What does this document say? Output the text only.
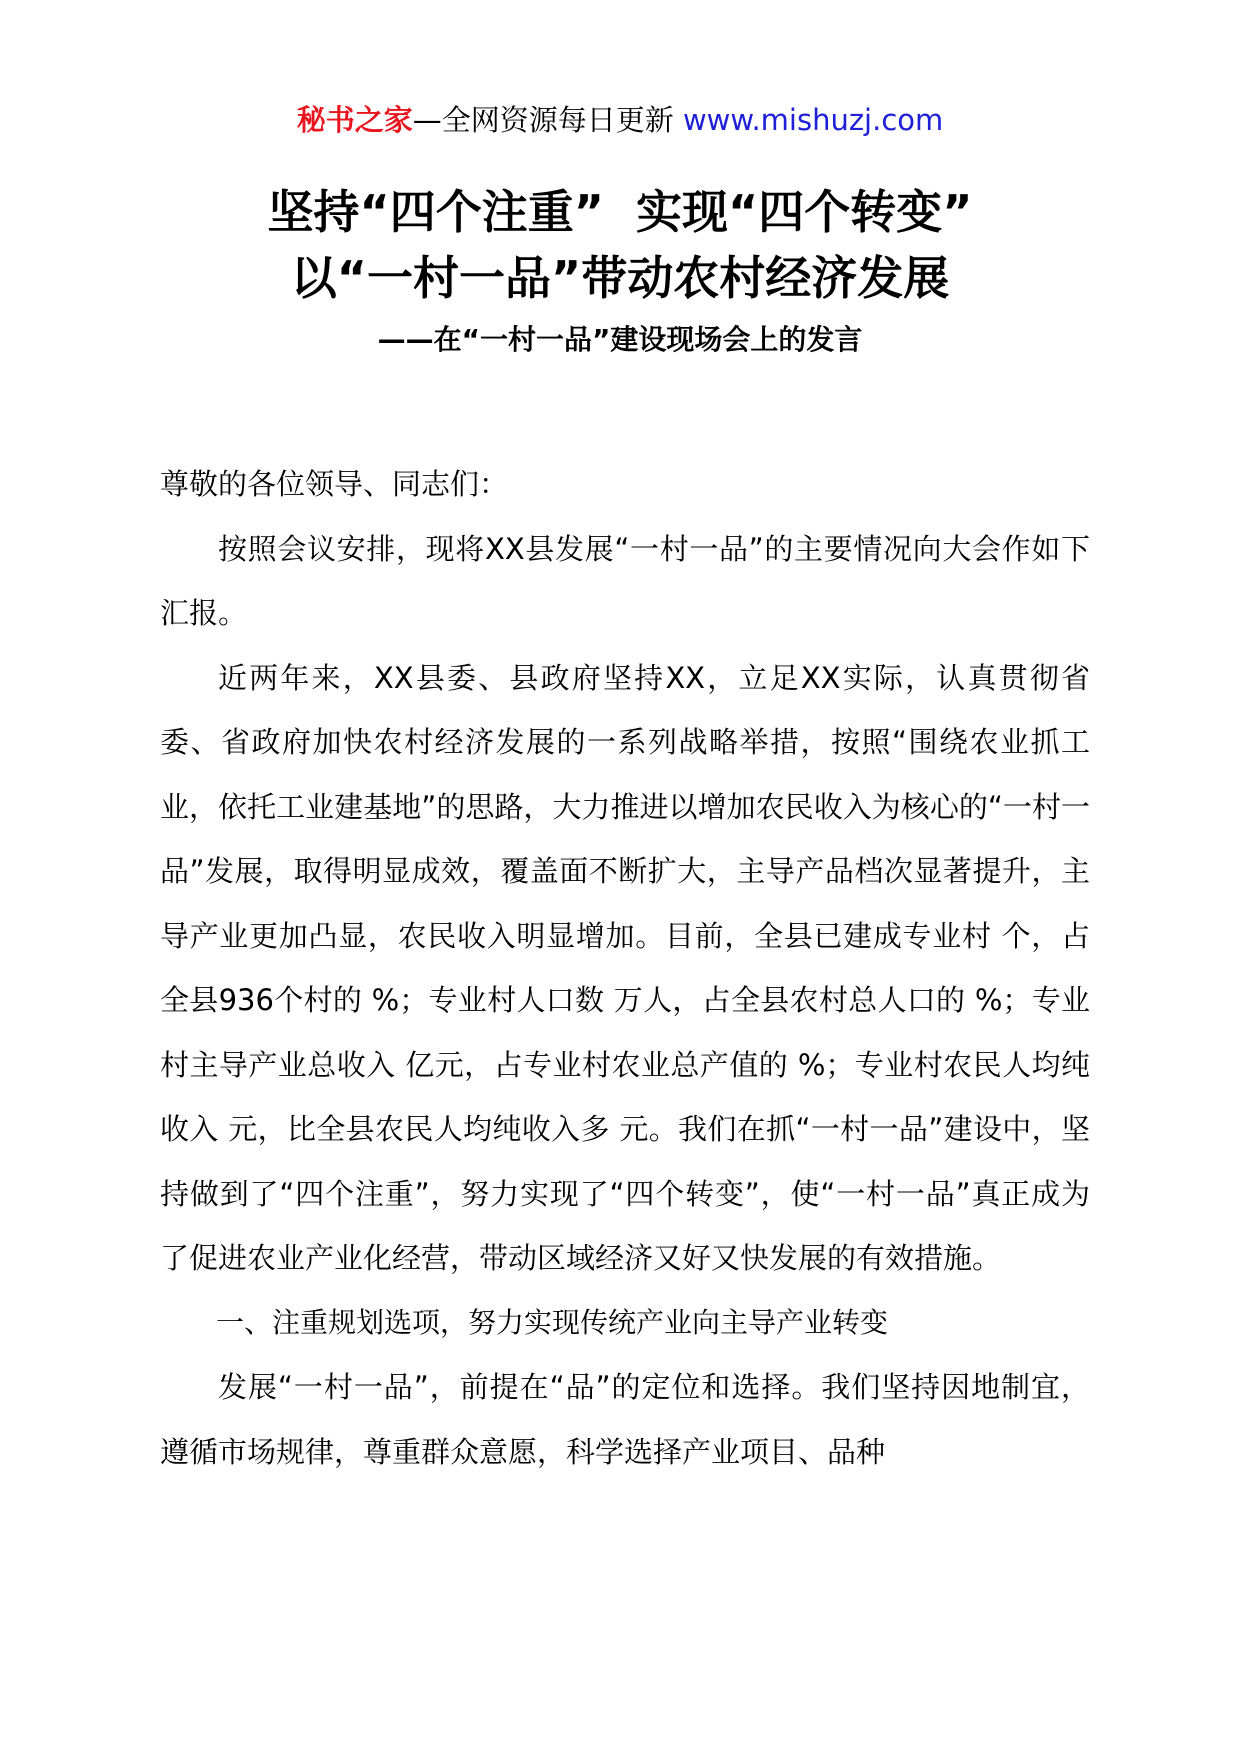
秘书之家—全网资源每日更新 www.mishuzj.com
坚持“四个注重”  实现“四个转变”
以“一村一品”带动农村经济发展
——在“一村一品”建设现场会上的发言

尊敬的各位领导、同志们：

按照会议安排，现将XX县发展“一村一品”的主要情况向大会作如下汇报。

近两年来，XX县委、县政府坚持XX，立足XX实际，认真贯彻省委、省政府加快农村经济发展的一系列战略举措，按照“围绕农业抓工业，依托工业建基地”的思路，大力推进以增加农民收入为核心的“一村一品”发展，取得明显成效，覆盖面不断扩大，主导产品档次显著提升，主导产业更加凸显，农民收入明显增加。目前，全县已建成专业村 个，占全县936个村的 %；专业村人口数 万人，占全县农村总人口的 %；专业村主导产业总收入 亿元，占专业村农业总产值的 %；专业村农民人均纯收入 元，比全县农民人均纯收入多 元。我们在抓“一村一品”建设中，坚持做到了“四个注重”，努力实现了“四个转变”，使“一村一品”真正成为了促进农业产业化经营，带动区域经济又好又快发展的有效措施。

一、注重规划选项，努力实现传统产业向主导产业转变

发展“一村一品”，前提在“品”的定位和选择。我们坚持因地制宜，遵循市场规律，尊重群众意愿，科学选择产业项目、品种
